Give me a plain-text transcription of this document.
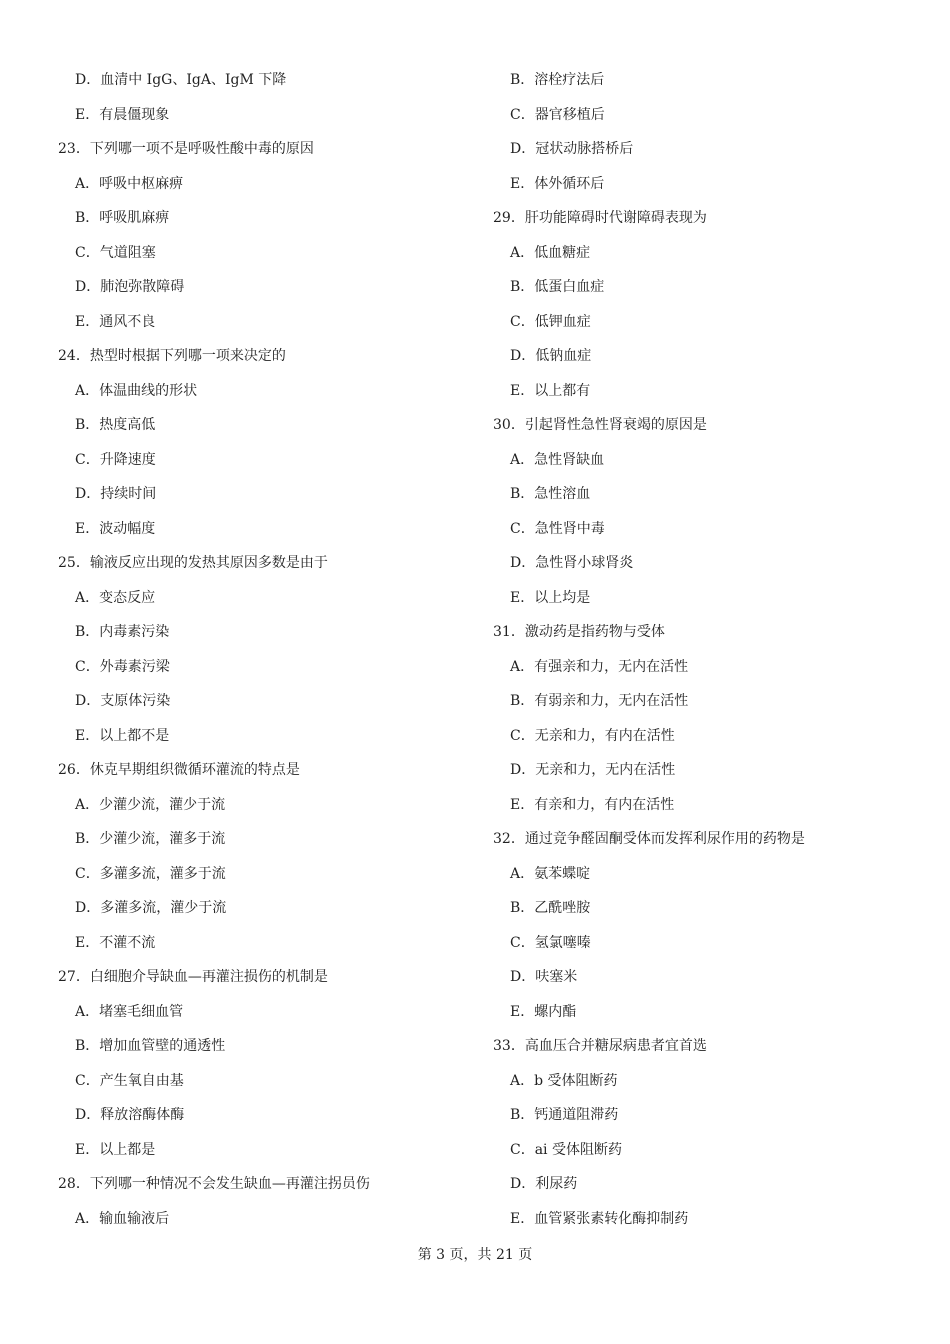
D．血清中 IgG、IgA、IgM 下降
E．有晨僵现象
23．下列哪一项不是呼吸性酸中毒的原因
A．呼吸中枢麻痹
B．呼吸肌麻痹
C．气道阻塞
D．肺泡弥散障碍
E．通风不良
24．热型时根据下列哪一项来决定的
A．体温曲线的形状
B．热度高低
C．升降速度
D．持续时间
E．波动幅度
25．输液反应出现的发热其原因多数是由于
A．变态反应
B．内毒素污染
C．外毒素污梁
D．支原体污染
E．以上都不是
26．休克早期组织微循环灌流的特点是
A．少灌少流，灌少于流
B．少灌少流，灌多于流
C．多灌多流，灌多于流
D．多灌多流，灌少于流
E．不灌不流
27．白细胞介导缺血—再灌注损伤的机制是
A．堵塞毛细血管
B．增加血管壁的通透性
C．产生氧自由基
D．释放溶酶体酶
E．以上都是
28．下列哪一种情况不会发生缺血—再灌注拐员伤
A．输血输液后
B．溶栓疗法后
C．器官移植后
D．冠状动脉搭桥后
E．体外循环后
29．肝功能障碍时代谢障碍表现为
A．低血糖症
B．低蛋白血症
C．低钾血症
D．低钠血症
E．以上都有
30．引起肾性急性肾衰竭的原因是
A．急性肾缺血
B．急性溶血
C．急性肾中毒
D．急性肾小球肾炎
E．以上均是
31．激动药是指药物与受体
A．有强亲和力，无内在活性
B．有弱亲和力，无内在活性
C．无亲和力，有内在活性
D．无亲和力，无内在活性
E．有亲和力，有内在活性
32．通过竞争醛固酮受体而发挥利尿作用的药物是
A．氨苯蝶啶
B．乙酰唑胺
C．氢氯噻嗪
D．呋塞米
E．螺内酯
33．高血压合并糖尿病患者宜首选
A．b 受体阻断药
B．钙通道阻滞药
C．ai 受体阻断药
D．利尿药
E．血管紧张素转化酶抑制药
第 3 页，共 21 页
